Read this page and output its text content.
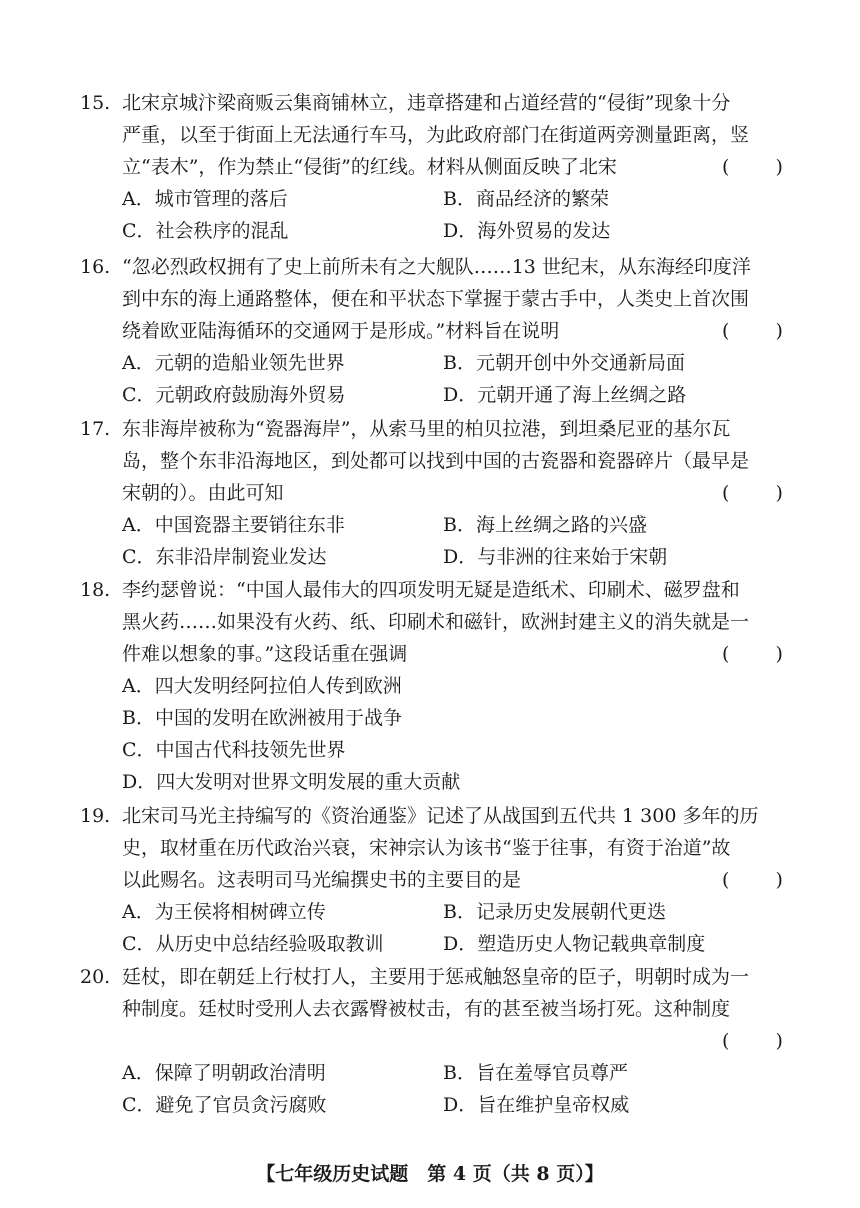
15. 北宋京城汴梁商贩云集商铺林立，违章搭建和占道经营的“侵街”现象十分
严重，以至于街面上无法通行车马，为此政府部门在街道两旁测量距离，竖
立“表木”，作为禁止“侵街”的红线。材料从侧面反映了北宋	( )
A．城市管理的落后	B．商品经济的繁荣
C．社会秩序的混乱	D．海外贸易的发达
16. “忽必烈政权拥有了史上前所未有之大舰队……13 世纪末，从东海经印度洋
到中东的海上通路整体，便在和平状态下掌握于蒙古手中，人类史上首次围
绕着欧亚陆海循环的交通网于是形成。”材料旨在说明	( )
A．元朝的造船业领先世界	B．元朝开创中外交通新局面
C．元朝政府鼓励海外贸易	D．元朝开通了海上丝绸之路
17. 东非海岸被称为“瓷器海岸”，从索马里的柏贝拉港，到坦桑尼亚的基尔瓦
岛，整个东非沿海地区，到处都可以找到中国的古瓷器和瓷器碎片（最早是
宋朝的）。由此可知	( )
A．中国瓷器主要销往东非	B．海上丝绸之路的兴盛
C．东非沿岸制瓷业发达	D．与非洲的往来始于宋朝
18. 李约瑟曾说：“中国人最伟大的四项发明无疑是造纸术、印刷术、磁罗盘和
黑火药……如果没有火药、纸、印刷术和磁针，欧洲封建主义的消失就是一
件难以想象的事。”这段话重在强调	( )
A．四大发明经阿拉伯人传到欧洲
B．中国的发明在欧洲被用于战争
C．中国古代科技领先世界
D．四大发明对世界文明发展的重大贡献
19. 北宋司马光主持编写的《资治通鉴》记述了从战国到五代共 1 300 多年的历
史，取材重在历代政治兴衰，宋神宗认为该书“鉴于往事，有资于治道”故
以此赐名。这表明司马光编撰史书的主要目的是	( )
A．为王侯将相树碑立传	B．记录历史发展朝代更迭
C．从历史中总结经验吸取教训	D．塑造历史人物记载典章制度
20. 廷杖，即在朝廷上行杖打人，主要用于惩戒触怒皇帝的臣子，明朝时成为一
种制度。廷杖时受刑人去衣露臀被杖击，有的甚至被当场打死。这种制度
( )
A．保障了明朝政治清明	B．旨在羞辱官员尊严
C．避免了官员贪污腐败	D．旨在维护皇帝权威
【七年级历史试题　第 4 页（共 8 页）】
